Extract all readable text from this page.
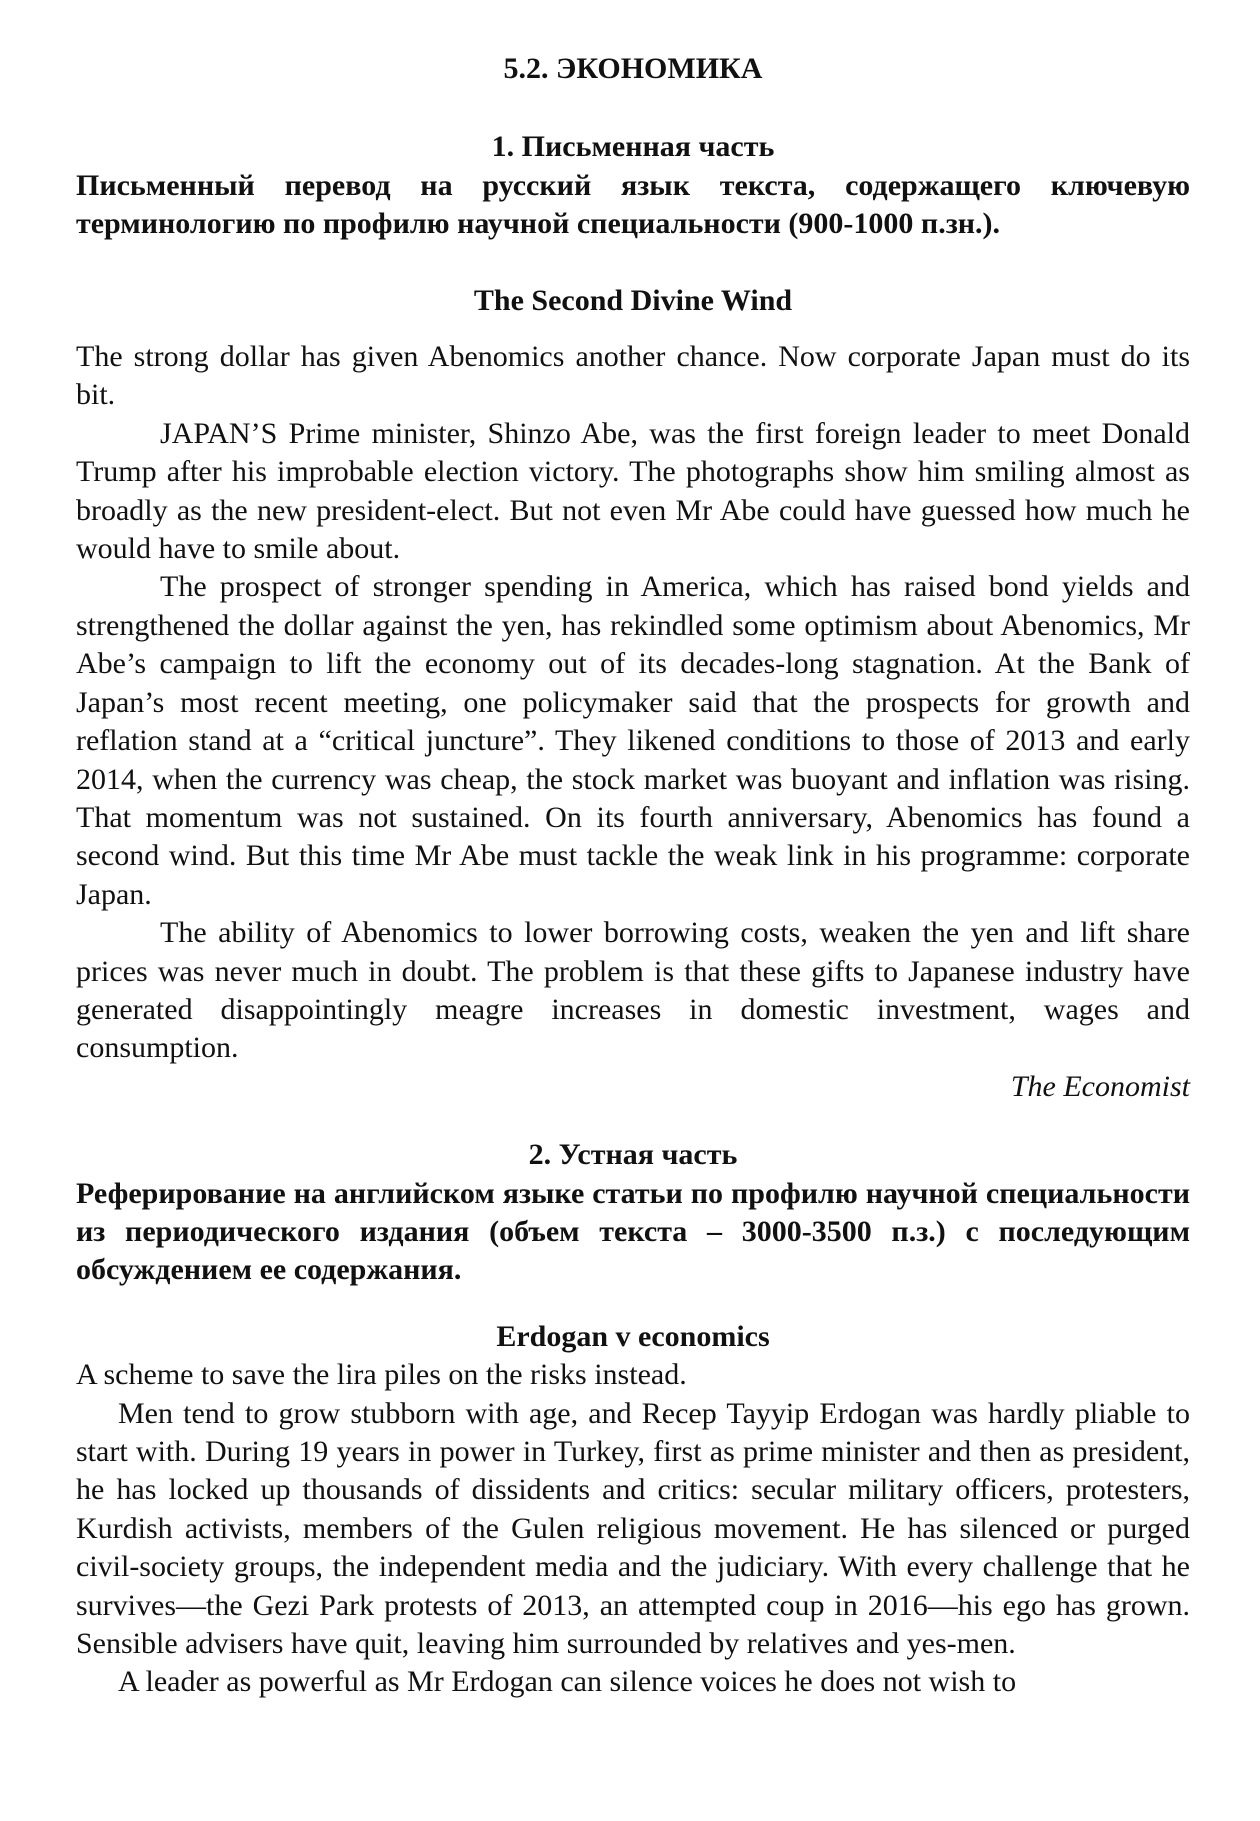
5.2. ЭКОНОМИКА
1. Письменная часть

Письменный перевод на русский язык текста, содержащего ключевую терминологию по профилю научной специальности (900-1000 п.зн.).

The Second Divine Wind

The strong dollar has given Abenomics another chance. Now corporate Japan must do its bit.

JAPAN’S Prime minister, Shinzo Abe, was the first foreign leader to meet Donald Trump after his improbable election victory. The photographs show him smiling almost as broadly as the new president-elect. But not even Mr Abe could have guessed how much he would have to smile about.

The prospect of stronger spending in America, which has raised bond yields and strengthened the dollar against the yen, has rekindled some optimism about Abenomics, Mr Abe’s campaign to lift the economy out of its decades-long stagnation. At the Bank of Japan’s most recent meeting, one policymaker said that the prospects for growth and reflation stand at a “critical juncture”. They likened conditions to those of 2013 and early 2014, when the currency was cheap, the stock market was buoyant and inflation was rising. That momentum was not sustained. On its fourth anniversary, Abenomics has found a second wind. But this time Mr Abe must tackle the weak link in his programme: corporate Japan.

The ability of Abenomics to lower borrowing costs, weaken the yen and lift share prices was never much in doubt. The problem is that these gifts to Japanese industry have generated disappointingly meagre increases in domestic investment, wages and consumption.

The Economist

2. Устная часть

Реферирование на английском языке статьи по профилю научной специальности из периодического издания (объем текста – 3000-3500 п.з.) с последующим обсуждением ее содержания.

Erdogan v economics

A scheme to save the lira piles on the risks instead.

Men tend to grow stubborn with age, and Recep Tayyip Erdogan was hardly pliable to start with. During 19 years in power in Turkey, first as prime minister and then as president, he has locked up thousands of dissidents and critics: secular military officers, protesters, Kurdish activists, members of the Gulen religious movement. He has silenced or purged civil-society groups, the independent media and the judiciary. With every challenge that he survives—the Gezi Park protests of 2013, an attempted coup in 2016—his ego has grown. Sensible advisers have quit, leaving him surrounded by relatives and yes-men.

A leader as powerful as Mr Erdogan can silence voices he does not wish to
